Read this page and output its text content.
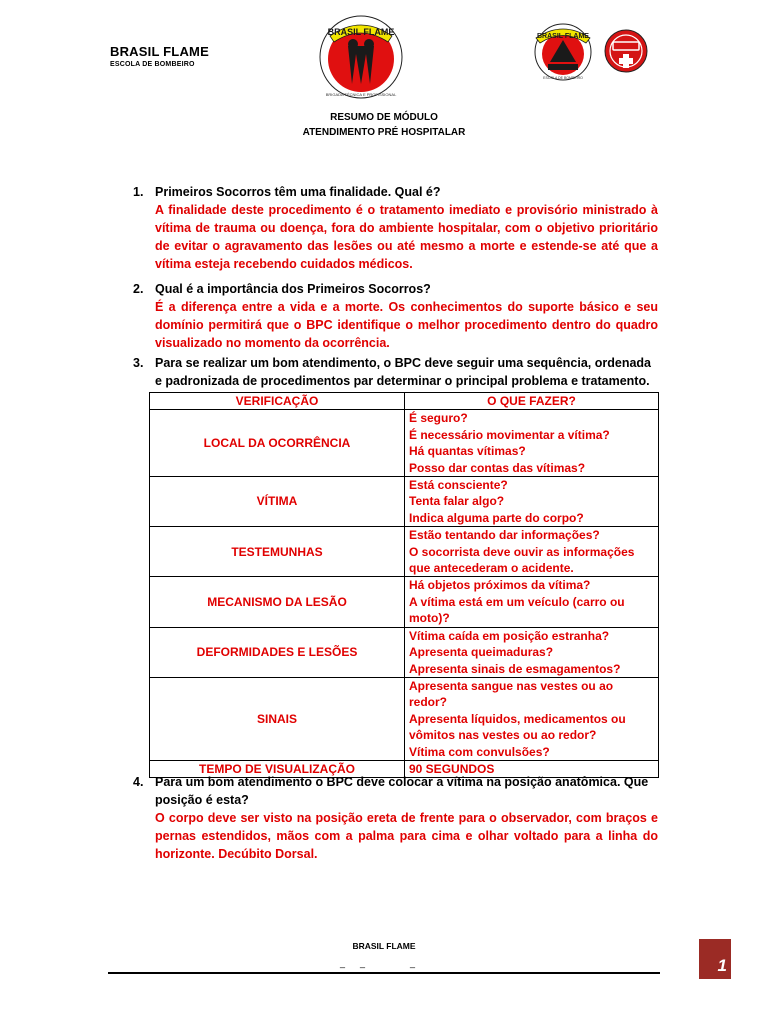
BRASIL FLAME
ESCOLA DE BOMBEIRO
BRASIL FLAME
BRIGADA TÉCNICA E PROFISSIONAL
BRASIL FLAME
ESCOLA DE BOMBEIRO
RESUMO DE MÓDULO
ATENDIMENTO PRÉ HOSPITALAR
1. Primeiros Socorros têm uma finalidade. Qual é?
A finalidade deste procedimento é o tratamento imediato e provisório ministrado à vítima de trauma ou doença, fora do ambiente hospitalar, com o objetivo prioritário de evitar o agravamento das lesões ou até mesmo a morte e estende-se até que a vítima esteja recebendo cuidados médicos.
2. Qual é a importância dos Primeiros Socorros?
É a diferença entre a vida e a morte. Os conhecimentos do suporte básico e seu domínio permitirá que o BPC identifique o melhor procedimento dentro do quadro visualizado no momento da ocorrência.
3. Para se realizar um bom atendimento, o BPC deve seguir uma sequência, ordenada e padronizada de procedimentos par determinar o principal problema e tratamento.
VERIFICAÇÃO	O QUE FAZER?
LOCAL DA OCORRÊNCIA	É seguro?
É necessário movimentar a vítima?
Há quantas vítimas?
Posso dar contas das vítimas?

VÍTIMA	Está consciente?
Tenta falar algo?
Indica alguma parte do corpo?

TESTEMUNHAS	Estão tentando dar informações?
O socorrista deve ouvir as informações que antecederam o acidente.

MECANISMO DA LESÃO	Há objetos próximos da vítima?
A vítima está em um veículo (carro ou moto)?

DEFORMIDADES E LESÕES	Vítima caída em posição estranha?
Apresenta queimaduras?
Apresenta sinais de esmagamentos?

SINAIS	Apresenta sangue nas vestes ou ao redor?
Apresenta líquidos, medicamentos ou vômitos nas vestes ou ao redor?
Vítima com convulsões?

TEMPO DE VISUALIZAÇÃO	90 SEGUNDOS
4. Para um bom atendimento o BPC deve colocar a vítima na posição anatômica. Que posição é esta?
O corpo deve ser visto na posição ereta de frente para o observador, com braços e pernas estendidos, mãos com a palma para cima e olhar voltado para a linha do horizonte. Decúbito Dorsal.
BRASIL FLAME
_      _                  _	1
